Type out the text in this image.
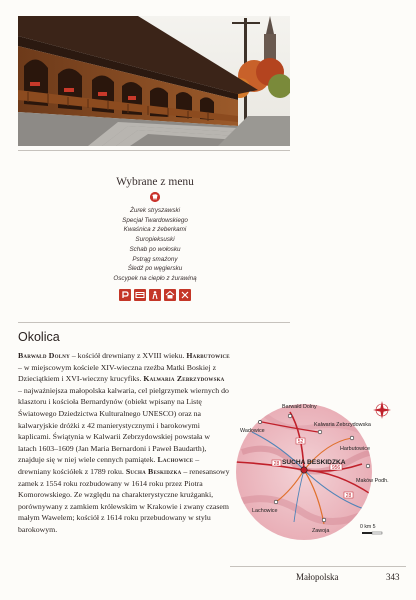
Wybrane z menu

Żurek stryszawski
Specjał Twardowskiego
Kwaśnica z żeberkami
Suropieksuski
Schab po wołosku
Pstrąg smażony
Śledź po węgiersku
Oscypek na ciepło z żurawiną
Okolica

Barwałd Dolny – kościół drewniany z XVIII wieku. Harbutowice – w miejscowym kościele XIV-wieczna rzeźba Matki Boskiej z Dzieciątkiem i XVI-wieczny krucyfiks. Kalwaria Zebrzydowska – najważniejsza małopolska kalwaria, cel pielgrzymek wiernych do klasztoru i kościoła Bernardynów (obiekt wpisany na Listę Światowego Dziedzictwa Kulturalnego UNESCO) oraz na kalwaryjskie dróżki z 42 manierystycznymi i barokowymi kaplicami. Świątynia w Kalwarii Zebrzydowskiej powstała w latach 1603–1609 (Jan Maria Bernardoni i Paweł Baudarth), znajduje się w niej wiele cennych pamiątek. Lachowice – drewniany kościółek z 1789 roku. Sucha Beskidzka – renesansowy zamek z 1554 roku rozbudowany w 1614 roku przez Piotra Komorowskiego. Ze względu na charakterystyczne krużganki, porównywany z zamkiem królewskim w Krakowie i zwany czasem małym Wawelem; kościół z 1614 roku przebudowany w stylu barokowym.

52
956
28
28
Barwałd Dolny
Kalwaria Zebrzydowska
Harbutowice
Wadowice
SUCHA BESKIDZKA
Lachowice
Maków Podh.
Zawoja
0 km 5
Małopolska	343
